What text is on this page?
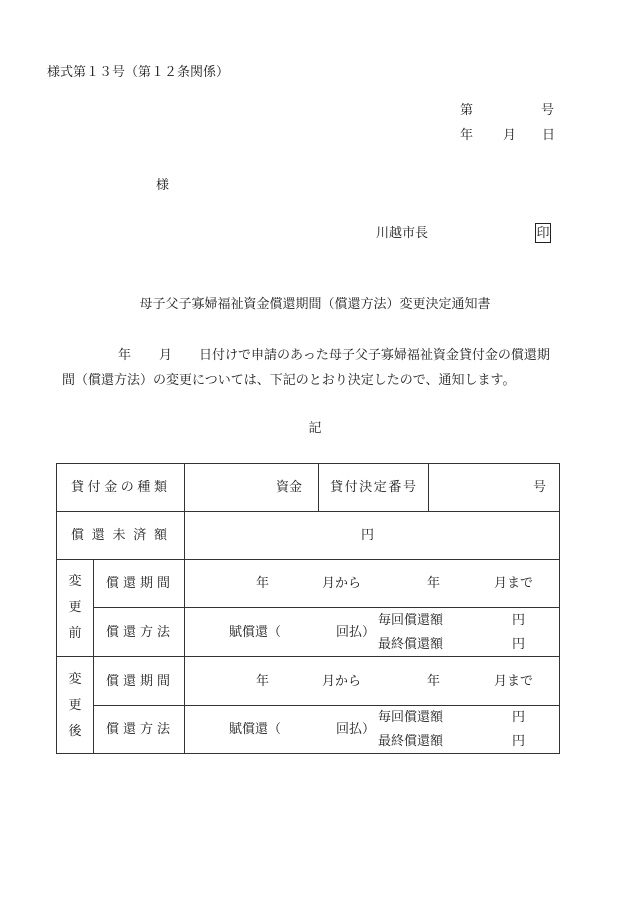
様式第１３号（第１２条関係）
第	号
年 月 日
様
川越市長	印
母子父子寡婦福祉資金償還期間（償還方法）変更決定通知書
年 月 日付けで申請のあった母子父子寡婦福祉資金貸付金の償還期
間（償還方法）の変更については、下記のとおり決定したので、通知します。
記
貸付金の種類	資金 貸付決定番号	号
償還未済額	円
変更前
償還期間	年	月から	年	月まで
償還方法	賦償還（	回払）
毎回償還額	円
最終償還額	円
変更後
償還期間	年	月から	年	月まで
償還方法	賦償還（	回払）
毎回償還額	円
最終償還額	円
